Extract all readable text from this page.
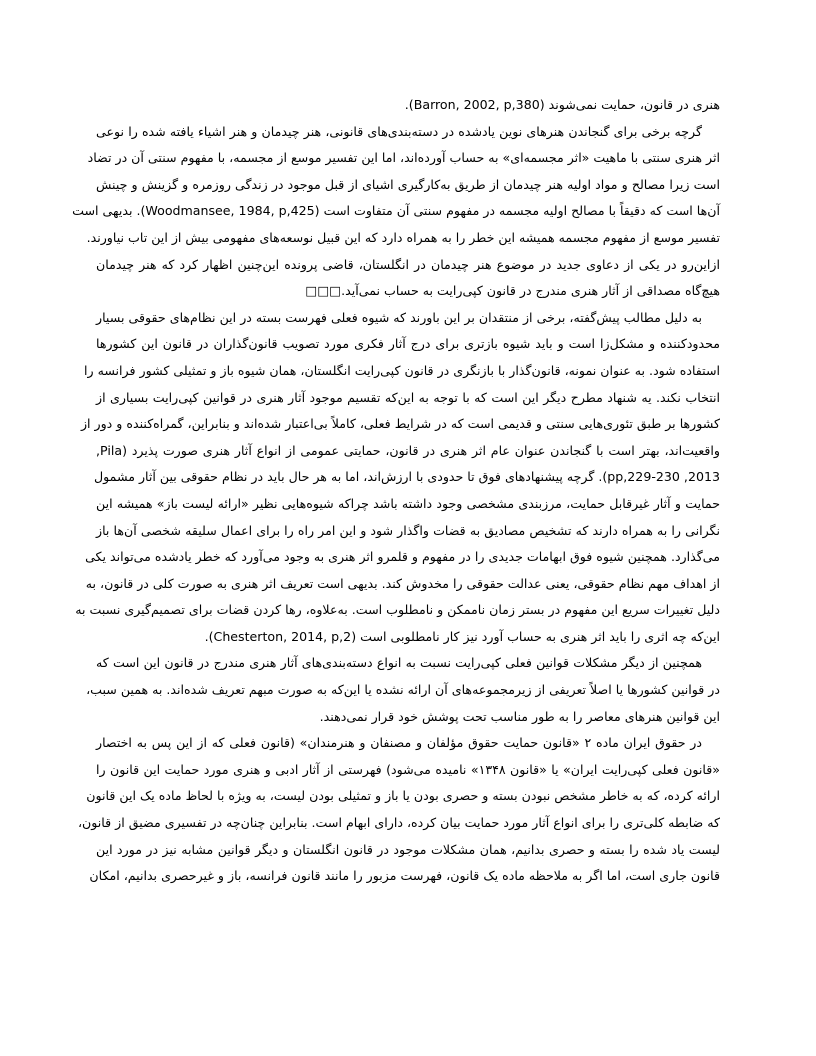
هنری در قانون، حمایت نمی‌شوند (Barron, 2002, p,380).
گرچه برخی برای گنجاندن هنرهای نوین یادشده در دسته‌بندی‌های قانونی، هنر چیدمان و هنر اشیاء یافته شده را نوعی
اثر هنری سنتی با ماهیت «اثر مجسمه‌ای» به حساب آورده‌اند، اما این تفسیر موسع از مجسمه، با مفهوم سنتی آن در تضاد
است زیرا مصالح و مواد اولیه هنر چیدمان از طریق به‌کارگیری اشیای از قبل موجود در زندگی روزمره و گزینش و چینش
آن‌ها است که دقیقاً با مصالح اولیه مجسمه در مفهوم سنتی آن متفاوت است (Woodmansee, 1984, p,425). بدیهی است
تفسیر موسع از مفهوم مجسمه همیشه این خطر را به همراه دارد که این قبیل نوسعه‌های مفهومی بیش از این تاب نیاورند.
ازاین‌رو در یکی از دعاوی جدید در موضوع هنر چیدمان در انگلستان، قاضی پرونده این‌چنین اظهار کرد که هنر چیدمان
هیچ‌گاه مصداقی از آثار هنری مندرج در قانون کپی‌رایت به حساب نمی‌آید.□□□
به دلیل مطالب پیش‌گفته، برخی از منتقدان بر این باورند که شیوه فعلی فهرست بسته در این نظام‌های حقوقی بسیار
محدودکننده و مشکل‌زا است و باید شیوه بازتری برای درج آثار فکری مورد تصویب قانون‌گذاران در قانون این کشورها
استفاده شود. به عنوان نمونه، قانون‌گذار با بازنگری در قانون کپی‌رایت انگلستان، همان شیوه باز و تمثیلی کشور فرانسه را
انتخاب نکند. یه شنهاد مطرح دیگر این است که با توجه به این‌که تقسیم موجود آثار هنری در قوانین کپی‌رایت بسیاری از
کشورها بر طبق تئوری‌هایی سنتی و قدیمی است که در شرایط فعلی، کاملاً بی‌اعتبار شده‌اند و بنابراین، گمراه‌کننده و دور از
واقعیت‌اند، بهتر است با گنجاندن عنوان عام اثر هنری در قانون، حمایتی عمومی از انواع آثار هنری صورت پذیرد (Pila,
2013, pp,229-230). گرچه پیشنهادهای فوق تا حدودی با ارزش‌اند، اما به هر حال باید در نظام حقوقی بین آثار مشمول
حمایت و آثار غیرقابل حمایت، مرزبندی مشخصی وجود داشته باشد چراکه شیوه‌هایی نظیر «ارائه لیست باز» همیشه این
نگرانی را به همراه دارند که تشخیص مصادیق به قضات واگذار شود و این امر راه را برای اعمال سلیقه شخصی آن‌ها باز
می‌گذارد. همچنین شیوه فوق ابهامات جدیدی را در مفهوم و قلمرو اثر هنری به وجود می‌آورد که خطر یادشده می‌تواند یکی
از اهداف مهم نظام حقوقی، یعنی عدالت حقوقی را مخدوش کند. بدیهی است تعریف اثر هنری به صورت کلی در قانون، به
دلیل تغییرات سریع این مفهوم در بستر زمان ناممکن و نامطلوب است. به‌علاوه، رها کردن قضات برای تصمیم‌گیری نسبت به
این‌که چه اثری را باید اثر هنری به حساب آورد نیز کار نامطلوبی است (Chesterton, 2014, p,2).
همچنین از دیگر مشکلات قوانین فعلی کپی‌رایت نسبت به انواع دسته‌بندی‌های آثار هنری مندرج در قانون این است که
در قوانین کشورها یا اصلاً تعریفی از زیرمجموعه‌های آن ارائه نشده یا این‌که به صورت مبهم تعریف شده‌اند. به همین سبب،
این قوانین هنرهای معاصر را به طور مناسب تحت پوشش خود قرار نمی‌دهند.
در حقوق ایران ماده ۲ «قانون حمایت حقوق مؤلفان و مصنفان و هنرمندان» (قانون فعلی که از این پس به اختصار
«قانون فعلی کپی‌رایت ایران» یا «قانون ۱۳۴۸» نامیده می‌شود) فهرستی از آثار ادبی و هنری مورد حمایت این قانون را
ارائه کرده، که به خاطر مشخص نبودن بسته و حصری بودن یا باز و تمثیلی بودن لیست، به ویژه با لحاظ ماده یک این قانون
که ضابطه کلی‌تری را برای انواع آثار مورد حمایت بیان کرده، دارای ابهام است. بنابراین چنان‌چه در تفسیری مضیق از قانون،
لیست یاد شده را بسته و حصری بدانیم، همان مشکلات موجود در قانون انگلستان و دیگر قوانین مشابه نیز در مورد این
قانون جاری است، اما اگر به ملاحظه ماده یک قانون، فهرست مزبور را مانند قانون فرانسه، باز و غیرحصری بدانیم، امکان
